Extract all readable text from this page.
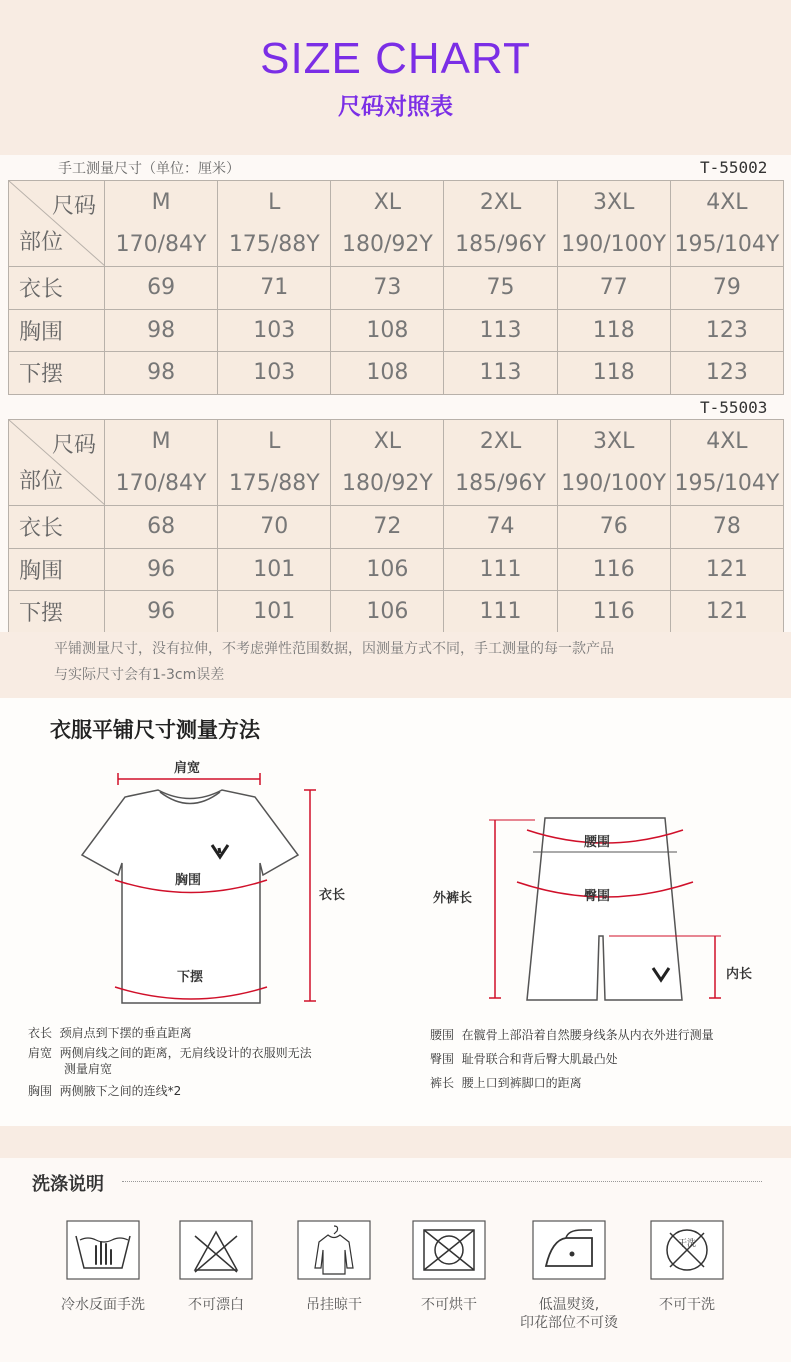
SIZE CHART
尺码对照表
手工测量尺寸（单位：厘米）	T-55002
尺码
部位	M	L	XL	2XL	3XL	4XL
	170/84Y	175/88Y	180/92Y	185/96Y	190/100Y	195/104Y
衣长	69	71	73	75	77	79
胸围	98	103	108	113	118	123
下摆	98	103	108	113	118	123
T-55003
尺码
部位	M	L	XL	2XL	3XL	4XL
	170/84Y	175/88Y	180/92Y	185/96Y	190/100Y	195/104Y
衣长	68	70	72	74	76	78
胸围	96	101	106	111	116	121
下摆	96	101	106	111	116	121
平铺测量尺寸，没有拉伸，不考虑弹性范围数据，因测量方式不同，手工测量的每一款产品
与实际尺寸会有1-3cm误差
衣服平铺尺寸测量方法
肩宽
胸围
衣长
下摆
腰围
臀围
外裤长
内长
衣长 颈肩点到下摆的垂直距离
肩宽 两侧肩线之间的距离，无肩线设计的衣服则无法
测量肩宽
胸围 两侧腋下之间的连线*2
腰围 在髋骨上部沿着自然腰身线条从内衣外进行测量
臀围 耻骨联合和背后臀大肌最凸处
裤长 腰上口到裤脚口的距离
洗涤说明
冷水反面手洗	不可漂白	吊挂晾干	不可烘干	低温熨烫,
印花部位不可烫
干洗
不可干洗
